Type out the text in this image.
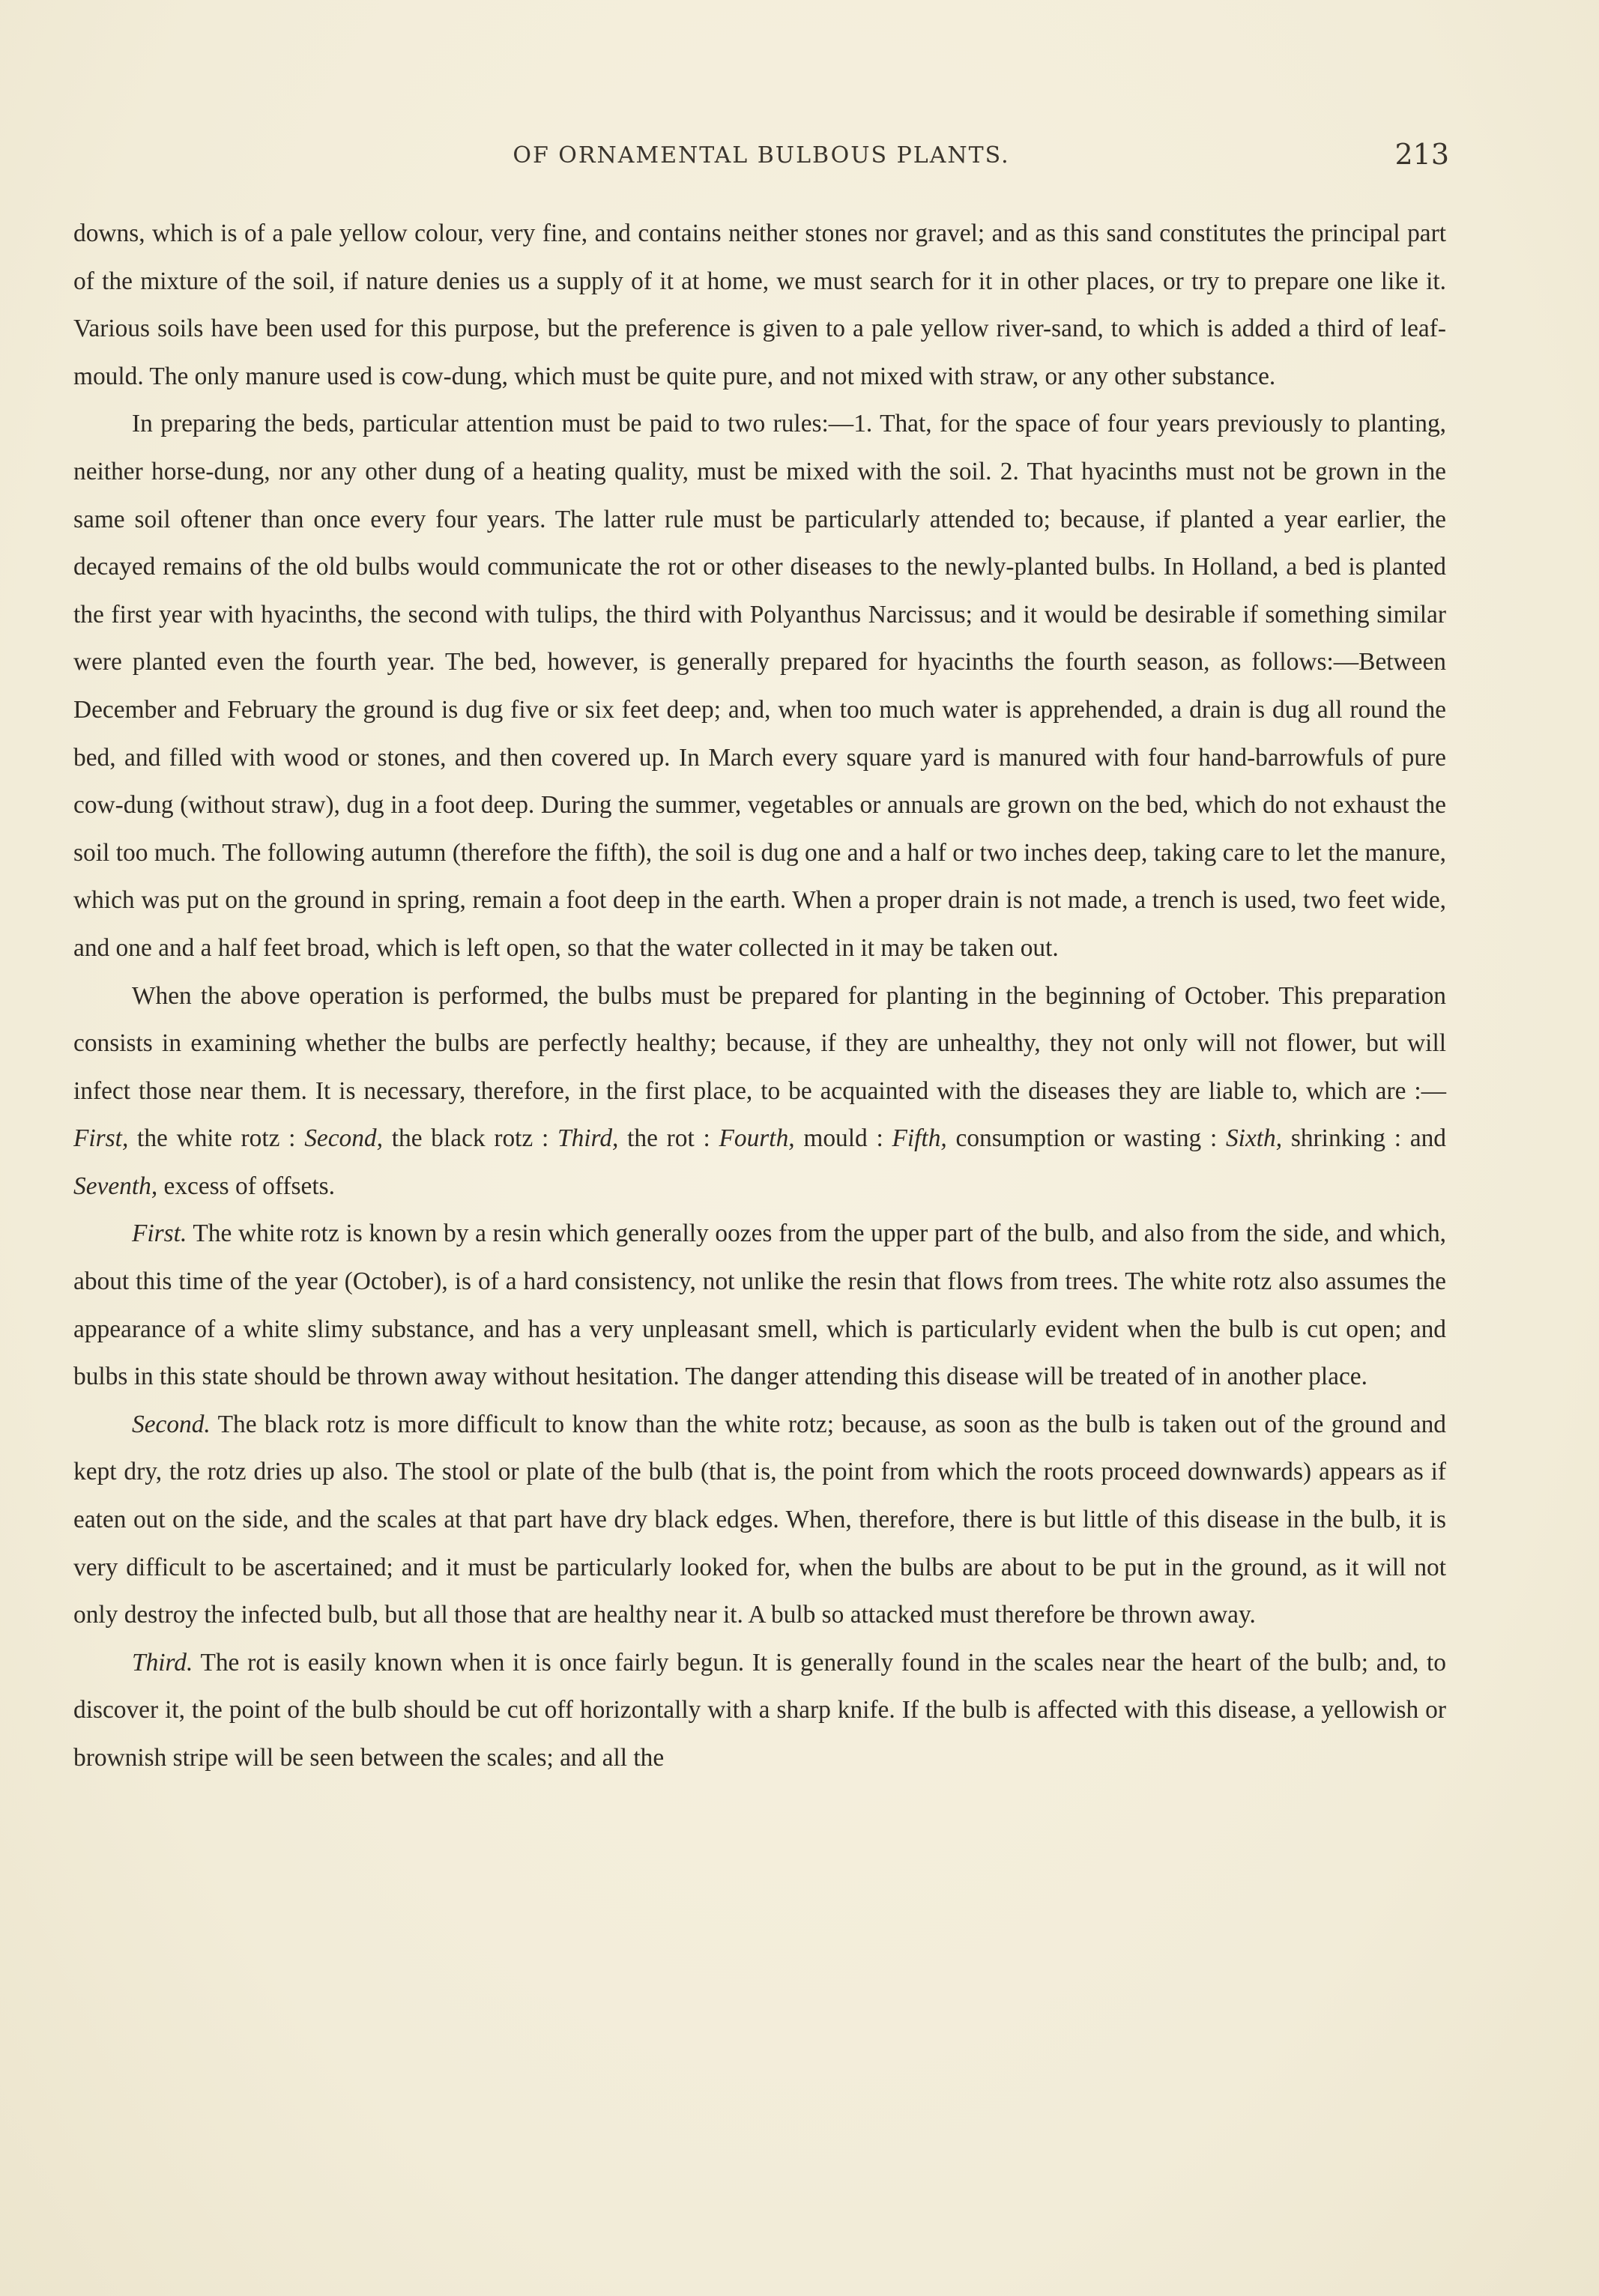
OF ORNAMENTAL BULBOUS PLANTS.	213

downs, which is of a pale yellow colour, very fine, and contains neither stones nor gravel; and as this sand constitutes the principal part of the mixture of the soil, if nature denies us a supply of it at home, we must search for it in other places, or try to prepare one like it. Various soils have been used for this purpose, but the preference is given to a pale yellow river-sand, to which is added a third of leaf-mould. The only manure used is cow-dung, which must be quite pure, and not mixed with straw, or any other substance.

In preparing the beds, particular attention must be paid to two rules:—1. That, for the space of four years previously to planting, neither horse-dung, nor any other dung of a heating quality, must be mixed with the soil. 2. That hyacinths must not be grown in the same soil oftener than once every four years. The latter rule must be particularly attended to; because, if planted a year earlier, the decayed remains of the old bulbs would communicate the rot or other diseases to the newly-planted bulbs. In Holland, a bed is planted the first year with hyacinths, the second with tulips, the third with Polyanthus Narcissus; and it would be desirable if something similar were planted even the fourth year. The bed, however, is generally prepared for hyacinths the fourth season, as follows:—Between December and February the ground is dug five or six feet deep; and, when too much water is apprehended, a drain is dug all round the bed, and filled with wood or stones, and then covered up. In March every square yard is manured with four hand-barrowfuls of pure cow-dung (without straw), dug in a foot deep. During the summer, vegetables or annuals are grown on the bed, which do not exhaust the soil too much. The following autumn (therefore the fifth), the soil is dug one and a half or two inches deep, taking care to let the manure, which was put on the ground in spring, remain a foot deep in the earth. When a proper drain is not made, a trench is used, two feet wide, and one and a half feet broad, which is left open, so that the water collected in it may be taken out.

When the above operation is performed, the bulbs must be prepared for planting in the beginning of October. This preparation consists in examining whether the bulbs are perfectly healthy; because, if they are unhealthy, they not only will not flower, but will infect those near them. It is necessary, therefore, in the first place, to be acquainted with the diseases they are liable to, which are :—First, the white rotz : Second, the black rotz : Third, the rot : Fourth, mould : Fifth, consumption or wasting : Sixth, shrinking : and Seventh, excess of offsets.

First. The white rotz is known by a resin which generally oozes from the upper part of the bulb, and also from the side, and which, about this time of the year (October), is of a hard consistency, not unlike the resin that flows from trees. The white rotz also assumes the appearance of a white slimy substance, and has a very unpleasant smell, which is particularly evident when the bulb is cut open; and bulbs in this state should be thrown away without hesitation. The danger attending this disease will be treated of in another place.

Second. The black rotz is more difficult to know than the white rotz; because, as soon as the bulb is taken out of the ground and kept dry, the rotz dries up also. The stool or plate of the bulb (that is, the point from which the roots proceed downwards) appears as if eaten out on the side, and the scales at that part have dry black edges. When, therefore, there is but little of this disease in the bulb, it is very difficult to be ascertained; and it must be particularly looked for, when the bulbs are about to be put in the ground, as it will not only destroy the infected bulb, but all those that are healthy near it. A bulb so attacked must therefore be thrown away.

Third. The rot is easily known when it is once fairly begun. It is generally found in the scales near the heart of the bulb; and, to discover it, the point of the bulb should be cut off horizontally with a sharp knife. If the bulb is affected with this disease, a yellowish or brownish stripe will be seen between the scales; and all the
